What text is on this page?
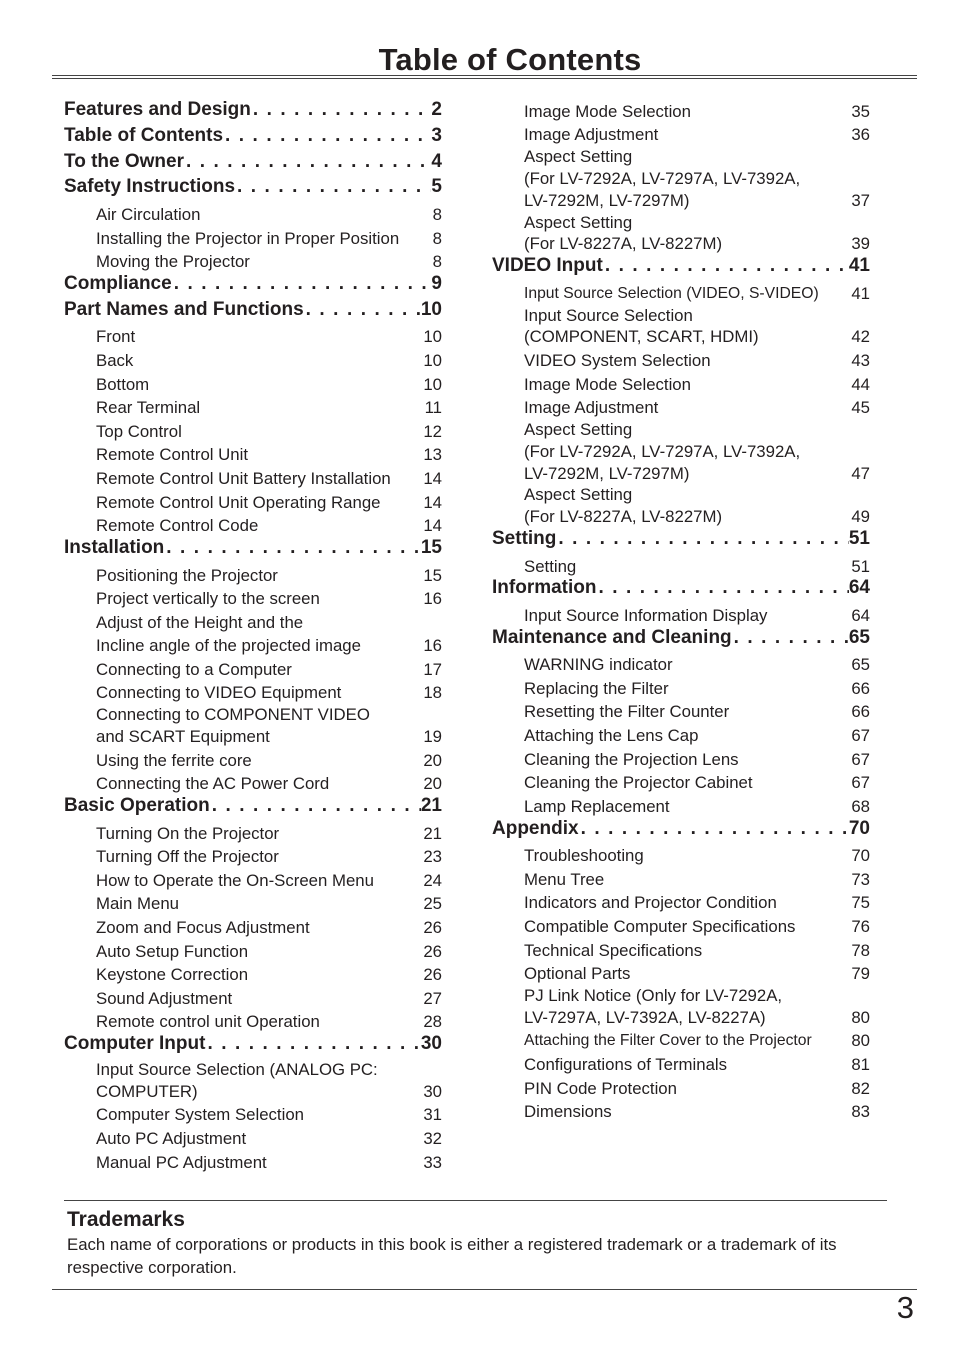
Table of Contents
Features and Design . . .	2
Table of Contents . . .	3
To the Owner . . .	4
Safety Instructions . . .	5
Air Circulation	8
Installing the Projector in Proper Position	8
Moving the Projector	8
Compliance . . .	9
Part Names and Functions . . .	10
Front	10
Back	10
Bottom	10
Rear Terminal	11
Top Control	12
Remote Control Unit	13
Remote Control Unit Battery Installation	14
Remote Control Unit Operating Range	14
Remote Control Code	14
Installation . . .	15
Positioning the Projector	15
Project vertically to the screen	16
Adjust of the Height and the
Incline angle of the projected image	16
Connecting to a Computer	17
Connecting to VIDEO Equipment	18
Connecting to COMPONENT VIDEO
and SCART Equipment	19
Using the ferrite core	20
Connecting the AC Power Cord	20
Basic Operation . . .	21
Turning On the Projector	21
Turning Off the Projector	23
How to Operate the On-Screen Menu	24
Main Menu	25
Zoom and Focus Adjustment	26
Auto Setup Function	26
Keystone Correction	26
Sound Adjustment	27
Remote control unit Operation	28
Computer Input . . .	30
Input Source Selection (ANALOG PC:
COMPUTER)	30
Computer System Selection	31
Auto PC Adjustment	32
Manual PC Adjustment	33
Image Mode Selection	35
Image Adjustment	36
Aspect Setting
(For LV-7292A, LV-7297A, LV-7392A,
LV-7292M, LV-7297M)	37
Aspect Setting
(For LV-8227A, LV-8227M)	39
VIDEO Input . . .	41
Input Source Selection (VIDEO, S-VIDEO)	41
Input Source Selection
(COMPONENT, SCART, HDMI)	42
VIDEO System Selection	43
Image Mode Selection	44
Image Adjustment	45
Aspect Setting
(For LV-7292A, LV-7297A, LV-7392A,
LV-7292M, LV-7297M)	47
Aspect Setting
(For LV-8227A, LV-8227M)	49
Setting . . .	51
Setting	51
Information . . .	64
Input Source Information Display	64
Maintenance and Cleaning . . .	65
WARNING indicator	65
Replacing the Filter	66
Resetting the Filter Counter	66
Attaching the Lens Cap	67
Cleaning the Projection Lens	67
Cleaning the Projector Cabinet	67
Lamp Replacement	68
Appendix . . .	70
Troubleshooting	70
Menu Tree	73
Indicators and Projector Condition	75
Compatible Computer Specifications	76
Technical Specifications	78
Optional Parts	79
PJ Link Notice (Only for LV-7292A,
LV-7297A, LV-7392A, LV-8227A)	80
Attaching the Filter Cover to the Projector	80
Configurations of Terminals	81
PIN Code Protection	82
Dimensions	83
Trademarks
Each name of corporations or products in this book is either a registered trademark or a trademark of its respective corporation.
3
